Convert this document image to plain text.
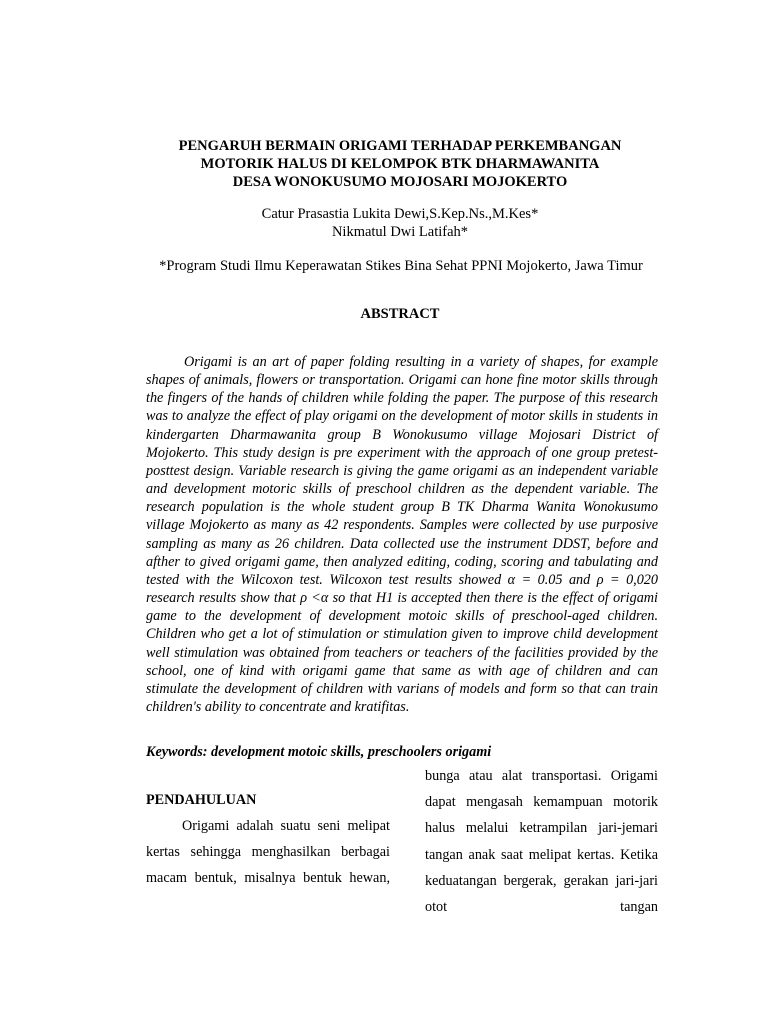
PENGARUH BERMAIN ORIGAMI TERHADAP PERKEMBANGAN
MOTORIK HALUS DI KELOMPOK BTK DHARMAWANITA
DESA WONOKUSUMO MOJOSARI MOJOKERTO
Catur Prasastia Lukita Dewi,S.Kep.Ns.,M.Kes*
Nikmatul Dwi Latifah*

*Program Studi Ilmu Keperawatan Stikes Bina Sehat PPNI Mojokerto, Jawa Timur

ABSTRACT

Origami is an art of paper folding resulting in a variety of shapes, for example shapes of animals, flowers or transportation. Origami can hone fine motor skills through the fingers of the hands of children while folding the paper. The purpose of this research was to analyze the effect of play origami on the development of motor skills in students in kindergarten Dharmawanita group B Wonokusumo village Mojosari District of Mojokerto. This study design is pre experiment with the approach of one group pretest-posttest design. Variable research is giving the game origami as an independent variable and development motoric skills of preschool children as the dependent variable. The research population is the whole student group B TK Dharma Wanita Wonokusumo village Mojokerto as many as 42 respondents. Samples were collected by use purposive sampling as many as 26 children. Data collected use the instrument DDST, before and afther to gived origami game, then analyzed editing, coding, scoring and tabulating and tested with the Wilcoxon test. Wilcoxon test results showed α = 0.05 and ρ = 0,020 research results show that ρ <α so that H1 is accepted then there is the effect of origami game to the development of development motoic skills of preschool-aged children. Children who get a lot of stimulation or stimulation given to improve child development well stimulation was obtained from teachers or teachers of the facilities provided by the school, one of kind with origami game that same as with age of children and can stimulate the development of children with varians of models and form so that can train children's ability to concentrate and kratifitas.

Keywords: development motoic skills, preschoolers origami

PENDAHULUAN

Origami adalah suatu seni melipat kertas sehingga menghasilkan berbagai macam bentuk, misalnya bentuk hewan,

bunga atau alat transportasi. Origami dapat mengasah kemampuan motorik halus melalui ketrampilan jari-jemari tangan anak saat melipat kertas. Ketika keduatangan bergerak, gerakan jari-jari otot tangan
